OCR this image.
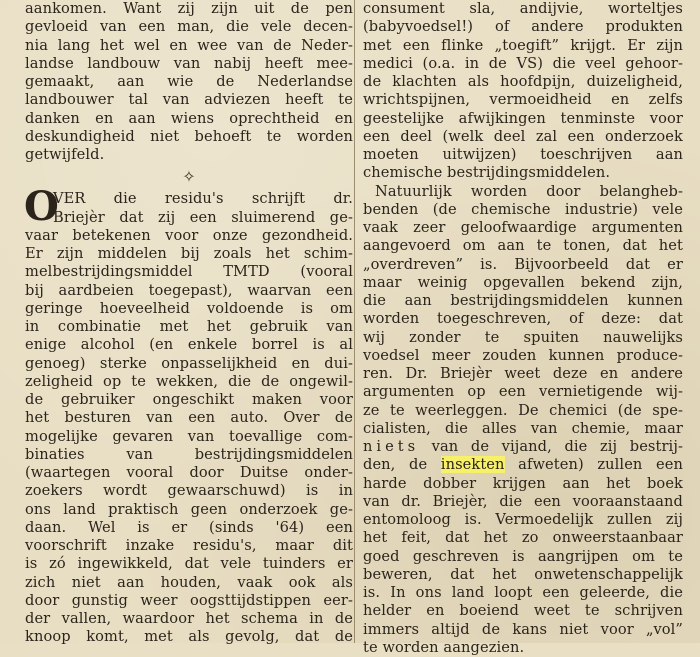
aankomen. Want zij zijn uit de pen
gevloeid van een man, die vele decen-
nia lang het wel en wee van de Neder-
landse landbouw van nabij heeft mee-
gemaakt, aan wie de Nederlandse
landbouwer tal van adviezen heeft te
danken en aan wiens oprechtheid en
deskundigheid niet behoeft te worden
getwijfeld.
✧
O
VER die residu's schrijft dr.
Briejèr dat zij een sluimerend ge-
vaar betekenen voor onze gezondheid.
Er zijn middelen bij zoals het schim-
melbestrijdingsmiddel TMTD (vooral
bij aardbeien toegepast), waarvan een
geringe hoeveelheid voldoende is om
in combinatie met het gebruik van
enige alcohol (en enkele borrel is al
genoeg) sterke onpasselijkheid en dui-
zeligheid op te wekken, die de ongewil-
de gebruiker ongeschikt maken voor
het besturen van een auto. Over de
mogelijke gevaren van toevallige com-
binaties van bestrijdingsmiddelen
(waartegen vooral door Duitse onder-
zoekers wordt gewaarschuwd) is in
ons land praktisch geen onderzoek ge-
daan. Wel is er (sinds '64) een
voorschrift inzake residu's, maar dit
is zó ingewikkeld, dat vele tuinders er
zich niet aan houden, vaak ook als
door gunstig weer oogsttijdstippen eer-
der vallen, waardoor het schema in de
knoop komt, met als gevolg, dat de
consument sla, andijvie, worteltjes
(babyvoedsel!) of andere produkten
met een flinke „toegift” krijgt. Er zijn
medici (o.a. in de VS) die veel gehoor-
de klachten als hoofdpijn, duizeligheid,
wrichtspijnen, vermoeidheid en zelfs
geestelijke afwijkingen tenminste voor
een deel (welk deel zal een onderzoek
moeten uitwijzen) toeschrijven aan
chemische bestrijdingsmiddelen.
Natuurlijk worden door belangheb-
benden (de chemische industrie) vele
vaak zeer geloofwaardige argumenten
aangevoerd om aan te tonen, dat het
„overdreven” is. Bijvoorbeeld dat er
maar weinig opgevallen bekend zijn,
die aan bestrijdingsmiddelen kunnen
worden toegeschreven, of deze: dat
wij zonder te spuiten nauwelijks
voedsel meer zouden kunnen produce-
ren. Dr. Briejèr weet deze en andere
argumenten op een vernietigende wij-
ze te weerleggen. De chemici (de spe-
cialisten, die alles van chemie, maar
niets van de vijand, die zij bestrij-
den, de insekten afweten) zullen een
harde dobber krijgen aan het boek
van dr. Briejèr, die een vooraanstaand
entomoloog is. Vermoedelijk zullen zij
het feit, dat het zo onweerstaanbaar
goed geschreven is aangrijpen om te
beweren, dat het onwetenschappelijk
is. In ons land loopt een geleerde, die
helder en boeiend weet te schrijven
immers altijd de kans niet voor „vol”
te worden aangezien.
